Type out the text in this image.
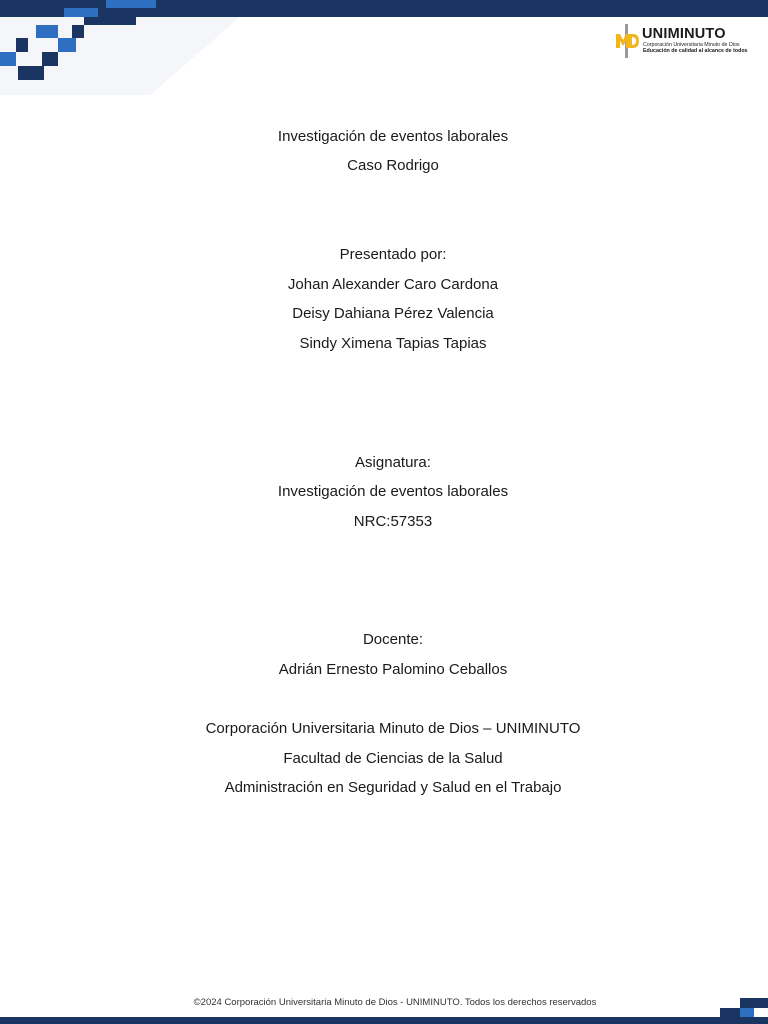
UNIMINUTO
Corporación Universitaria Minuto de Dios
Educación de calidad al alcance de todos
Investigación de eventos laborales
Caso Rodrigo
Presentado por:
Johan Alexander Caro Cardona
Deisy Dahiana Pérez Valencia
Sindy Ximena Tapias Tapias
Asignatura:
Investigación de eventos laborales
NRC:57353
Docente:
Adrián Ernesto Palomino Ceballos
Corporación Universitaria Minuto de Dios – UNIMINUTO
Facultad de Ciencias de la Salud
Administración en Seguridad y Salud en el Trabajo
©2024 Corporación Universitaria Minuto de Dios - UNIMINUTO. Todos los derechos reservados
